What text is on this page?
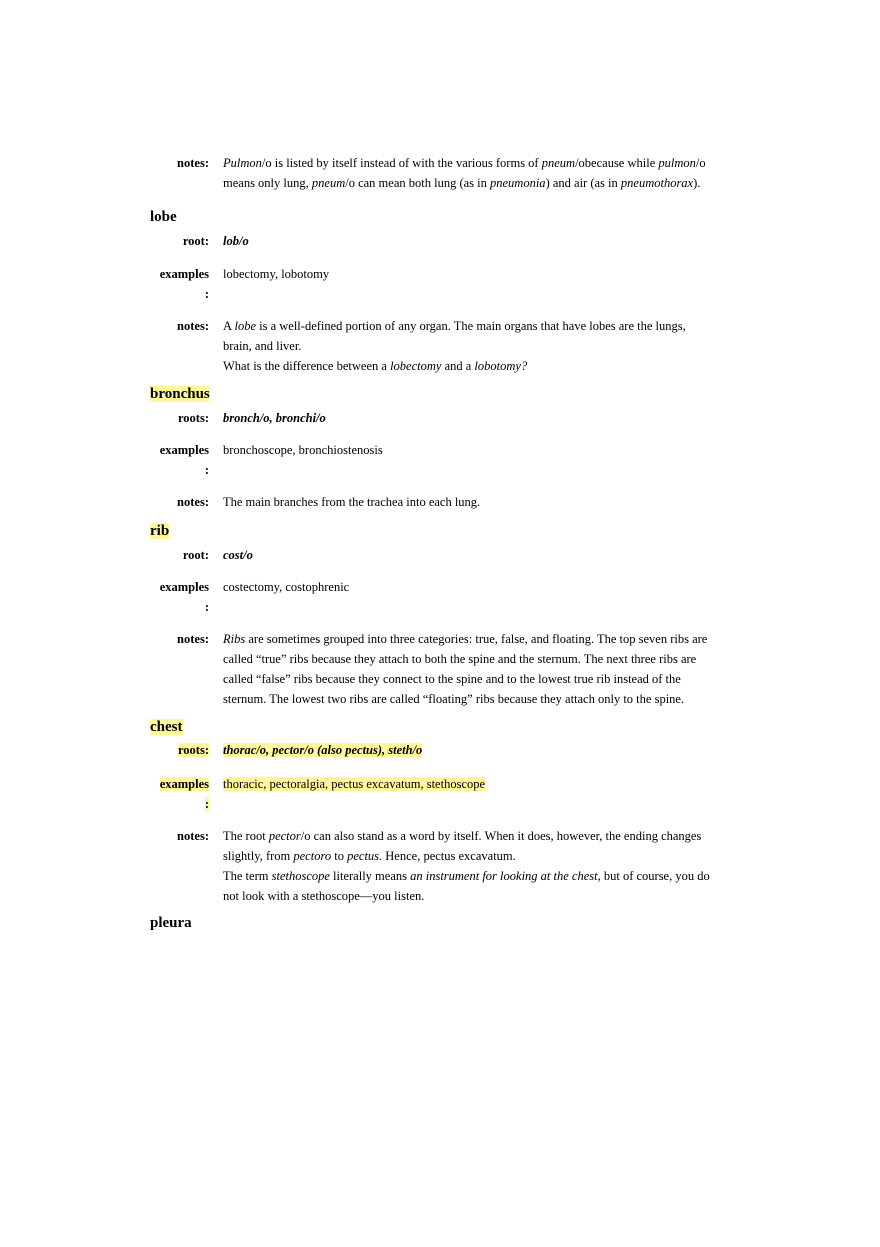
notes: Pulmon/o is listed by itself instead of with the various forms of pneum/obecause while pulmon/o
means only lung, pneum/o can mean both lung (as in pneumonia) and air (as in pneumothorax).
lobe
root: lob/o
examples
:
lobectomy, lobotomy
notes: A lobe is a well-defined portion of any organ. The main organs that have lobes are the lungs,
brain, and liver.
What is the difference between a lobectomy and a lobotomy?
bronchus
roots: bronch/o, bronchi/o
examples
:
bronchoscope, bronchiostenosis
notes: The main branches from the trachea into each lung.
rib
root: cost/o
examples
:
costectomy, costophrenic
notes: Ribs are sometimes grouped into three categories: true, false, and floating. The top seven ribs are
called “true” ribs because they attach to both the spine and the sternum. The next three ribs are
called “false” ribs because they connect to the spine and to the lowest true rib instead of the
sternum. The lowest two ribs are called “floating” ribs because they attach only to the spine.
chest
roots: thorac/o, pector/o (also pectus), steth/o
examples
:
thoracic, pectoralgia, pectus excavatum, stethoscope
notes: The root pector/o can also stand as a word by itself. When it does, however, the ending changes
slightly, from pectoro to pectus. Hence, pectus excavatum.
The term stethoscope literally means an instrument for looking at the chest, but of course, you do
not look with a stethoscope—you listen.
pleura
